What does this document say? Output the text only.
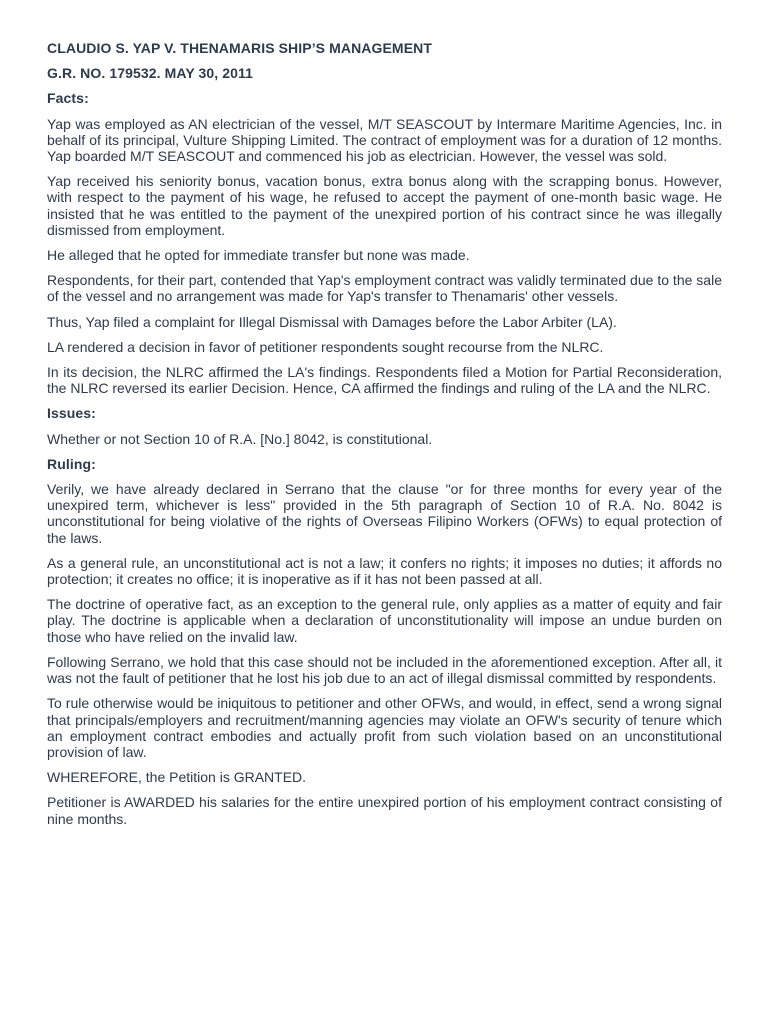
CLAUDIO S. YAP V. THENAMARIS SHIP’S MANAGEMENT
G.R. NO. 179532. MAY 30, 2011
Facts:

Yap was employed as AN electrician of the vessel, M/T SEASCOUT by Intermare Maritime Agencies, Inc. in behalf of its principal, Vulture Shipping Limited. The contract of employment was for a duration of 12 months. Yap boarded M/T SEASCOUT and commenced his job as electrician. However, the vessel was sold.

Yap received his seniority bonus, vacation bonus, extra bonus along with the scrapping bonus. However, with respect to the payment of his wage, he refused to accept the payment of one-month basic wage. He insisted that he was entitled to the payment of the unexpired portion of his contract since he was illegally dismissed from employment.

He alleged that he opted for immediate transfer but none was made.

Respondents, for their part, contended that Yap's employment contract was validly terminated due to the sale of the vessel and no arrangement was made for Yap's transfer to Thenamaris' other vessels.

Thus, Yap filed a complaint for Illegal Dismissal with Damages before the Labor Arbiter (LA).

LA rendered a decision in favor of petitioner respondents sought recourse from the NLRC.

In its decision, the NLRC affirmed the LA's findings. Respondents filed a Motion for Partial Reconsideration, the NLRC reversed its earlier Decision. Hence, CA affirmed the findings and ruling of the LA and the NLRC.

Issues:

Whether or not Section 10 of R.A. [No.] 8042, is constitutional.

Ruling:

Verily, we have already declared in Serrano that the clause "or for three months for every year of the unexpired term, whichever is less" provided in the 5th paragraph of Section 10 of R.A. No. 8042 is unconstitutional for being violative of the rights of Overseas Filipino Workers (OFWs) to equal protection of the laws.

As a general rule, an unconstitutional act is not a law; it confers no rights; it imposes no duties; it affords no protection; it creates no office; it is inoperative as if it has not been passed at all.

The doctrine of operative fact, as an exception to the general rule, only applies as a matter of equity and fair play. The doctrine is applicable when a declaration of unconstitutionality will impose an undue burden on those who have relied on the invalid law.

Following Serrano, we hold that this case should not be included in the aforementioned exception. After all, it was not the fault of petitioner that he lost his job due to an act of illegal dismissal committed by respondents.

To rule otherwise would be iniquitous to petitioner and other OFWs, and would, in effect, send a wrong signal that principals/employers and recruitment/manning agencies may violate an OFW's security of tenure which an employment contract embodies and actually profit from such violation based on an unconstitutional provision of law.

WHEREFORE, the Petition is GRANTED.

Petitioner is AWARDED his salaries for the entire unexpired portion of his employment contract consisting of nine months.
